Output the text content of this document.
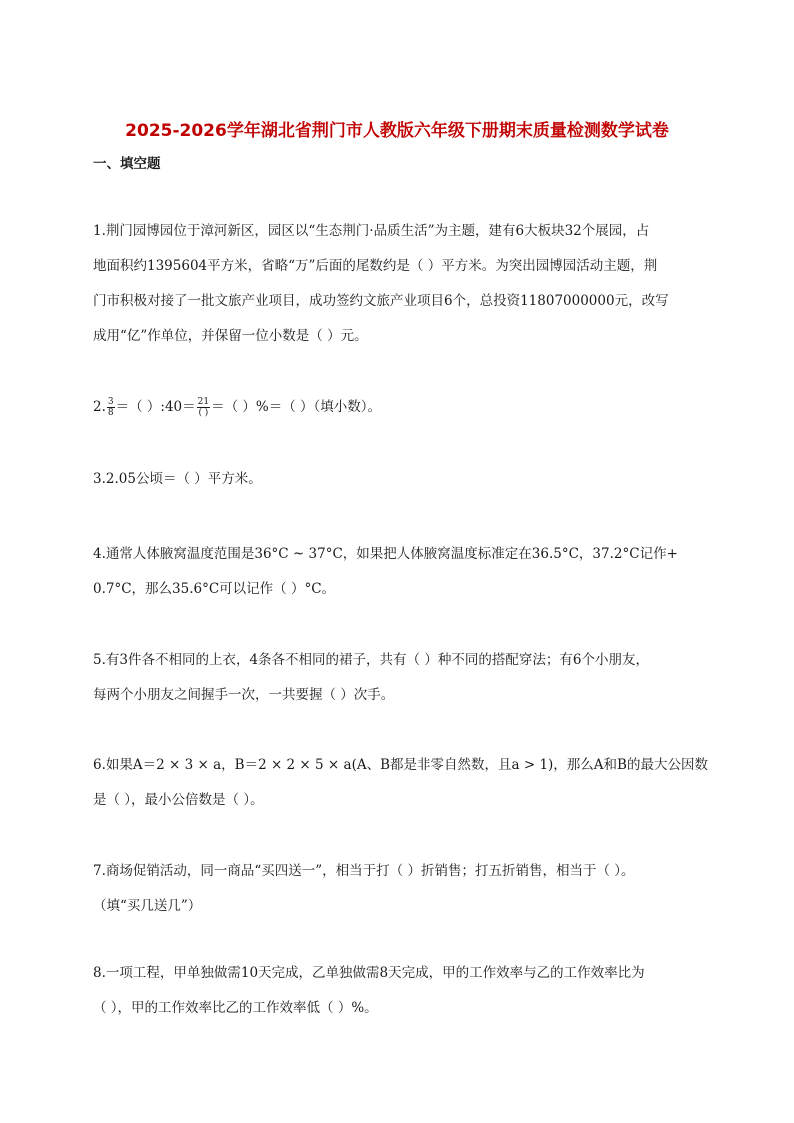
2025-2026学年湖北省荆门市人教版六年级下册期末质量检测数学试卷
一、填空题
1.荆门园博园位于漳河新区，园区以“生态荆门·品质生活”为主题，建有6大板块32个展园，占
地面积约1395604平方米，省略“万”后面的尾数约是（ ）平方米。为突出园博园活动主题，荆
门市积极对接了一批文旅产业项目，成功签约文旅产业项目6个，总投资11807000000元，改写
成用“亿”作单位，并保留一位小数是（ ）元。
2. $\frac{3}{8}$ ＝（ ）:40＝ $\frac{21}{( )}$ ＝（ ）%＝（ ）（填小数）。
3.2.05公顷＝（ ）平方米。
4.通常人体腋窝温度范围是36°C ~ 37°C，如果把人体腋窝温度标准定在36.5°C，37.2°C记作+
0.7°C，那么35.6°C可以记作（ ）°C。
5.有3件各不相同的上衣，4条各不相同的裙子，共有（ ）种不同的搭配穿法；有6个小朋友，
每两个小朋友之间握手一次，一共要握（ ）次手。
6.如果A＝2 × 3 × a，B＝2 × 2 × 5 × a(A、B都是非零自然数，且a > 1)，那么A和B的最大公因数
是（ ），最小公倍数是（ ）。
7.商场促销活动，同一商品“买四送一”，相当于打（ ）折销售；打五折销售，相当于（ ）。
（填“买几送几”）
8.一项工程，甲单独做需10天完成，乙单独做需8天完成，甲的工作效率与乙的工作效率比为
（ ），甲的工作效率比乙的工作效率低（ ）%。
